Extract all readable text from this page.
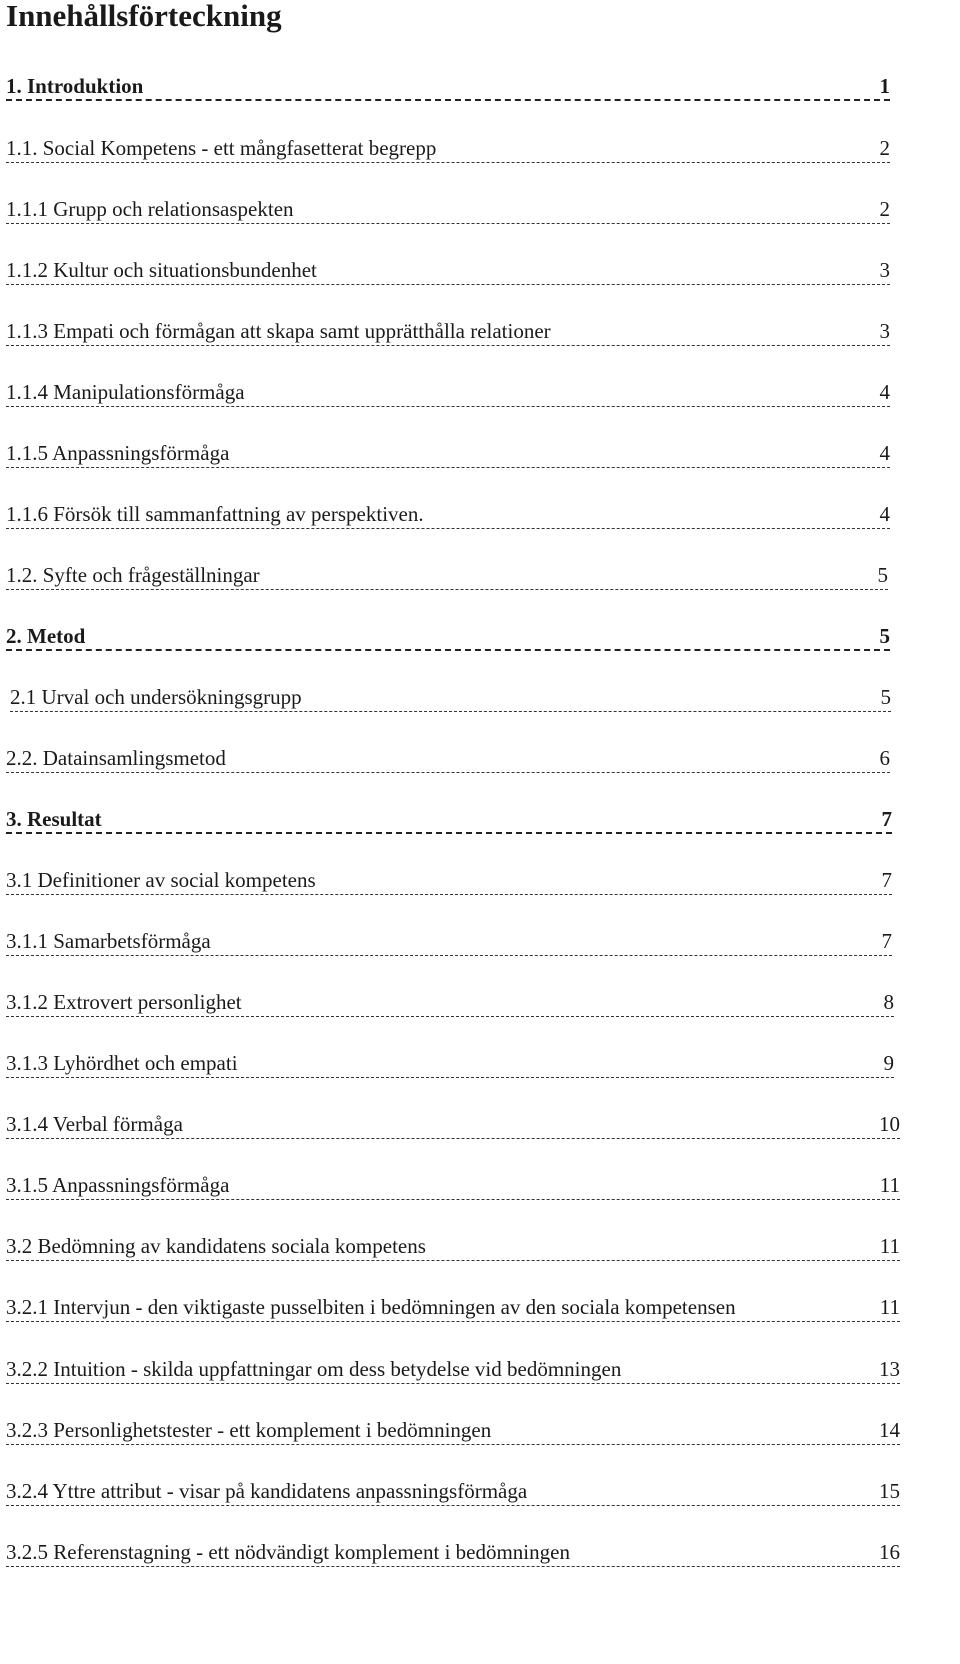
Innehållsförteckning
1. Introduktion	1
1.1. Social Kompetens - ett mångfasetterat begrepp	2
1.1.1 Grupp och relationsaspekten	2
1.1.2 Kultur och situationsbundenhet	3
1.1.3 Empati och förmågan att skapa samt upprätthålla relationer	3
1.1.4 Manipulationsförmåga	4
1.1.5 Anpassningsförmåga	4
1.1.6 Försök till sammanfattning av perspektiven.	4
1.2. Syfte och frågeställningar	5
2. Metod	5
2.1 Urval och undersökningsgrupp	5
2.2. Datainsamlingsmetod	6
3. Resultat	7
3.1 Definitioner av social kompetens	7
3.1.1 Samarbetsförmåga	7
3.1.2 Extrovert personlighet	8
3.1.3 Lyhördhet och empati	9
3.1.4 Verbal förmåga	10
3.1.5 Anpassningsförmåga	11
3.2 Bedömning av kandidatens sociala kompetens	11
3.2.1 Intervjun - den viktigaste pusselbiten i bedömningen av den sociala kompetensen	11
3.2.2 Intuition - skilda uppfattningar om dess betydelse vid bedömningen	13
3.2.3 Personlighetstester - ett komplement i bedömningen	14
3.2.4 Yttre attribut - visar på kandidatens anpassningsförmåga	15
3.2.5 Referenstagning - ett nödvändigt komplement i bedömningen	16
